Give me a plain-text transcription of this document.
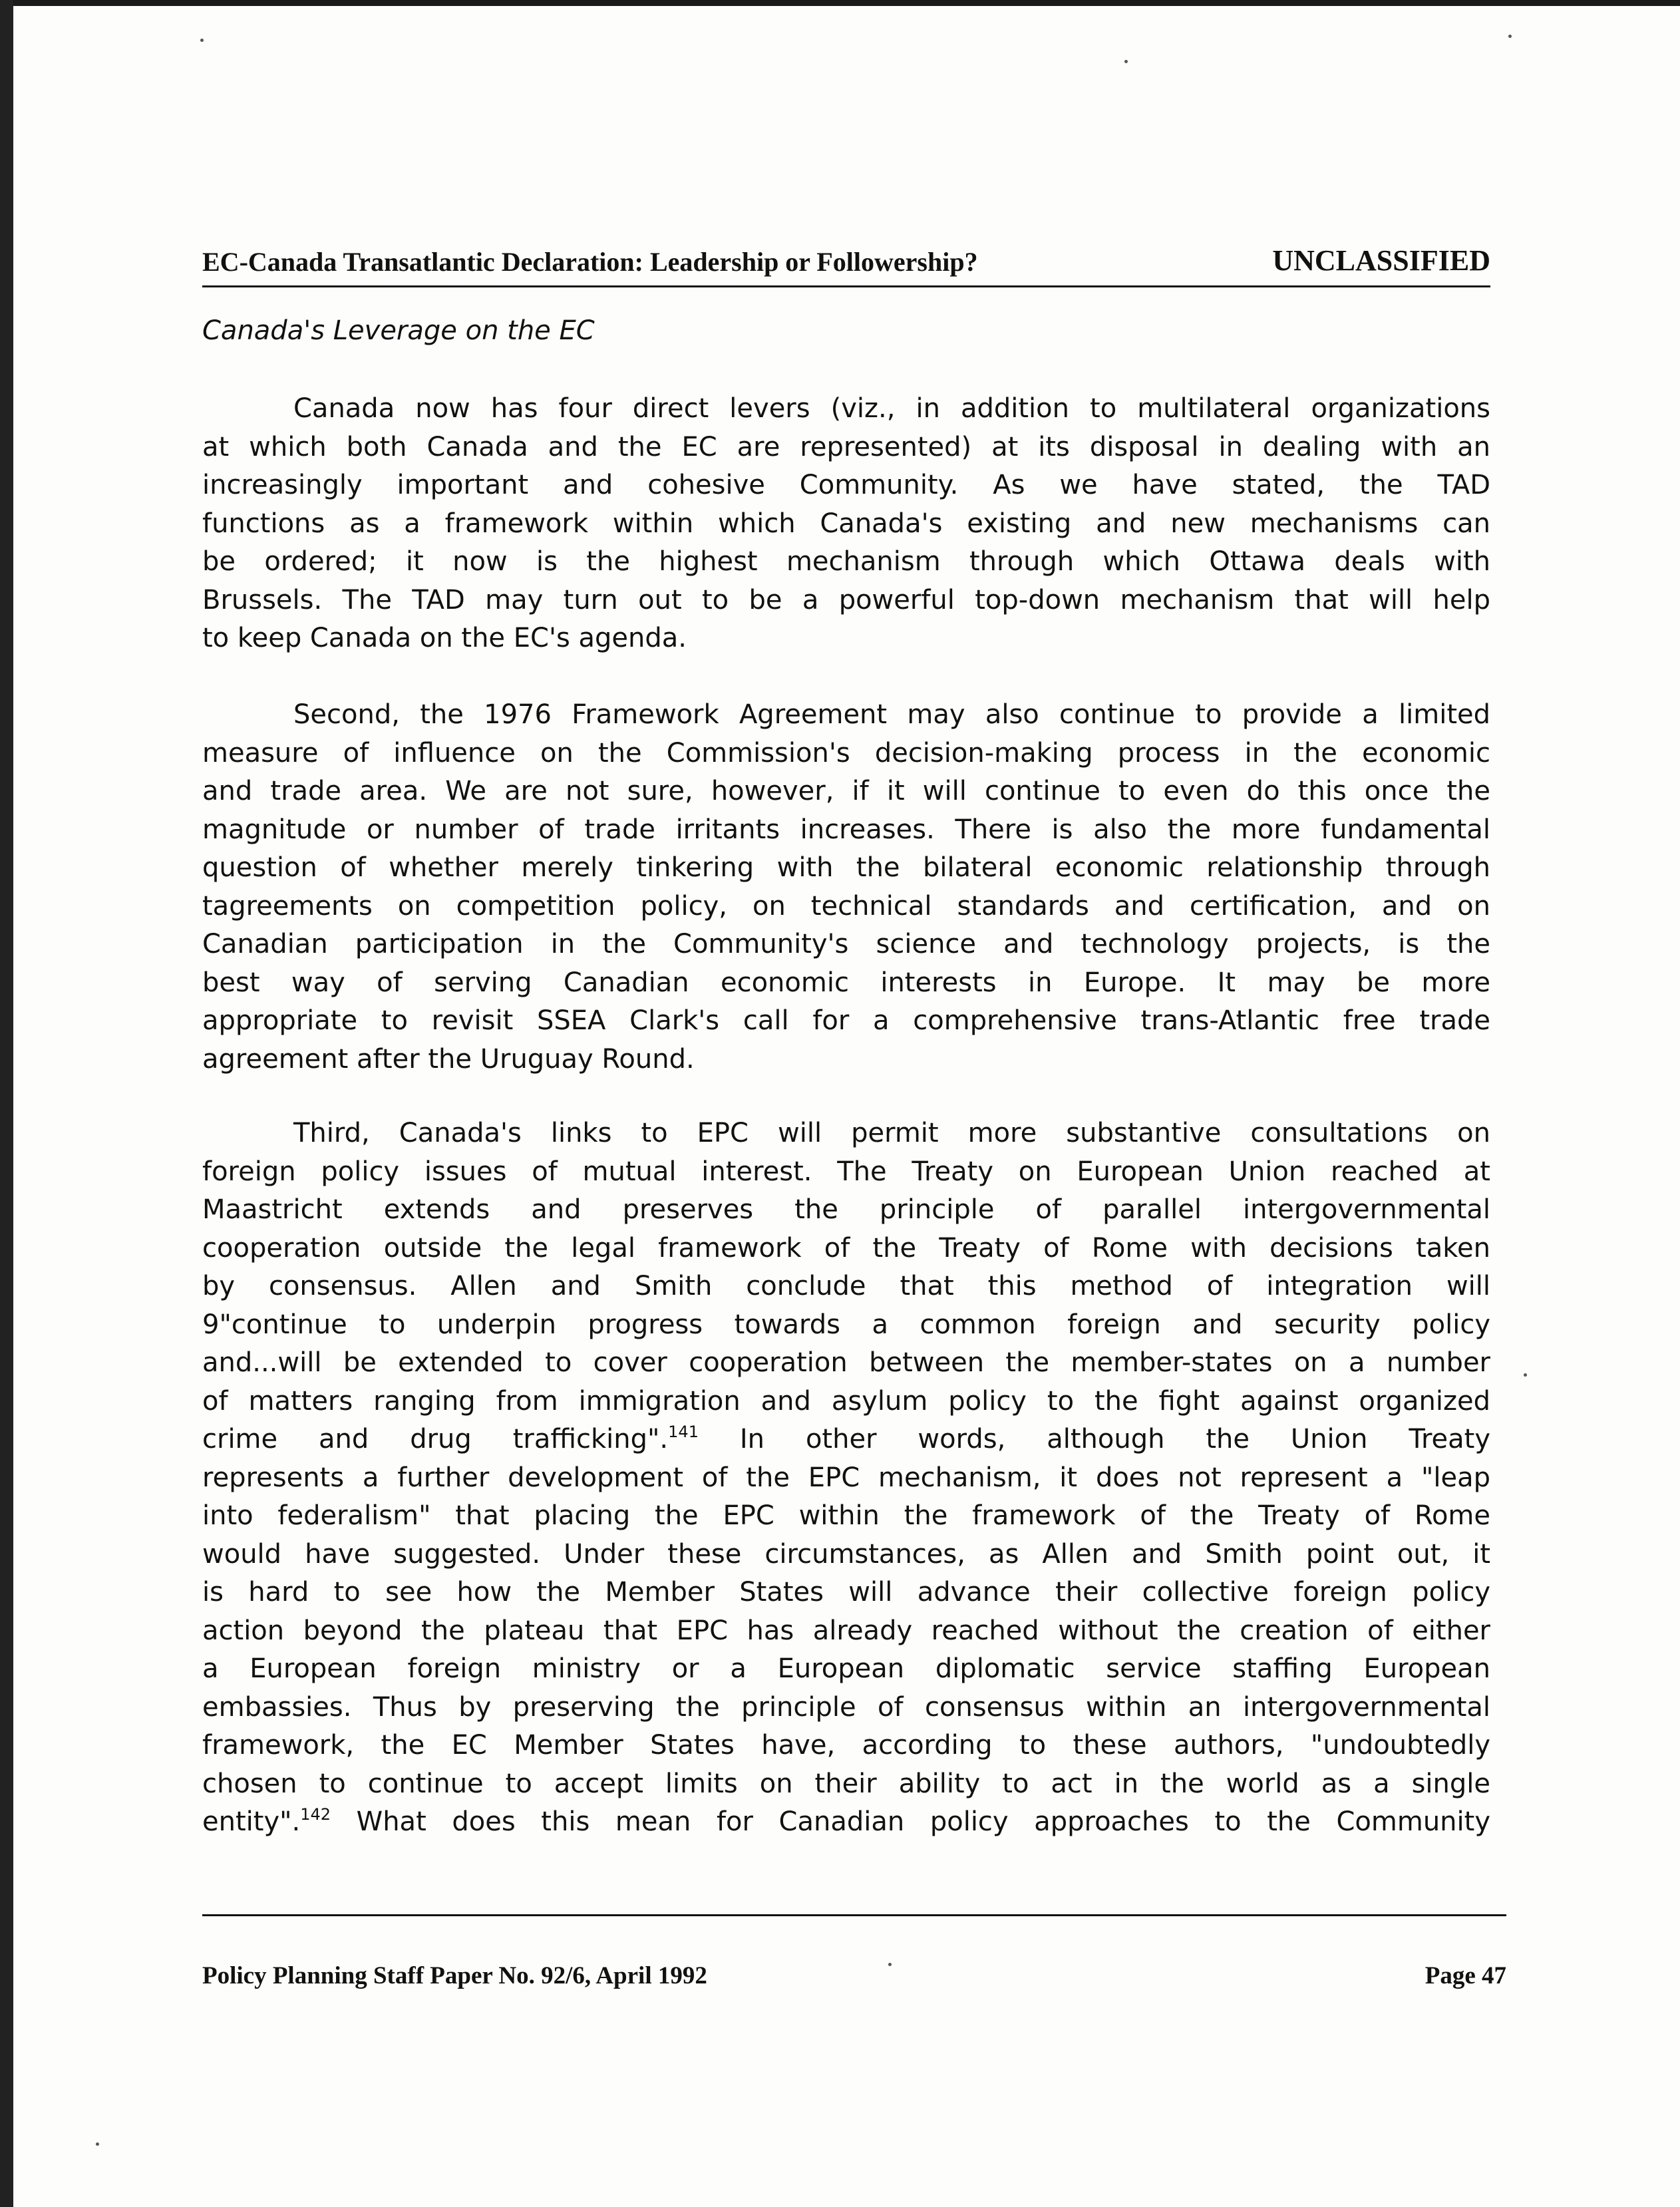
EC-Canada Transatlantic Declaration: Leadership or Followership?	UNCLASSIFIED
Canada's Leverage on the EC
Canada now has four direct levers (viz., in addition to multilateral organizations
at which both Canada and the EC are represented) at its disposal in dealing with an
increasingly important and cohesive Community. As we have stated, the TAD
functions as a framework within which Canada's existing and new mechanisms can
be ordered; it now is the highest mechanism through which Ottawa deals with
Brussels. The TAD may turn out to be a powerful top-down mechanism that will help
to keep Canada on the EC's agenda.
Second, the 1976 Framework Agreement may also continue to provide a limited
measure of influence on the Commission's decision-making process in the economic
and trade area. We are not sure, however, if it will continue to even do this once the
magnitude or number of trade irritants increases. There is also the more fundamental
question of whether merely tinkering with the bilateral economic relationship through
tagreements on competition policy, on technical standards and certification, and on
Canadian participation in the Community's science and technology projects, is the
best way of serving Canadian economic interests in Europe. It may be more
appropriate to revisit SSEA Clark's call for a comprehensive trans-Atlantic free trade
agreement after the Uruguay Round.
Third, Canada's links to EPC will permit more substantive consultations on
foreign policy issues of mutual interest. The Treaty on European Union reached at
Maastricht extends and preserves the principle of parallel intergovernmental
cooperation outside the legal framework of the Treaty of Rome with decisions taken
by consensus. Allen and Smith conclude that this method of integration will
9"continue to underpin progress towards a common foreign and security policy
and...will be extended to cover cooperation between the member-states on a number
of matters ranging from immigration and asylum policy to the fight against organized
crime and drug trafficking".$^{141}$ In other words, although the Union Treaty
represents a further development of the EPC mechanism, it does not represent a "leap
into federalism" that placing the EPC within the framework of the Treaty of Rome
would have suggested. Under these circumstances, as Allen and Smith point out, it
is hard to see how the Member States will advance their collective foreign policy
action beyond the plateau that EPC has already reached without the creation of either
a European foreign ministry or a European diplomatic service staffing European
embassies. Thus by preserving the principle of consensus within an intergovernmental
framework, the EC Member States have, according to these authors, "undoubtedly
chosen to continue to accept limits on their ability to act in the world as a single
entity".$^{142}$ What does this mean for Canadian policy approaches to the Community
Policy Planning Staff Paper No. 92/6, April 1992	Page 47
